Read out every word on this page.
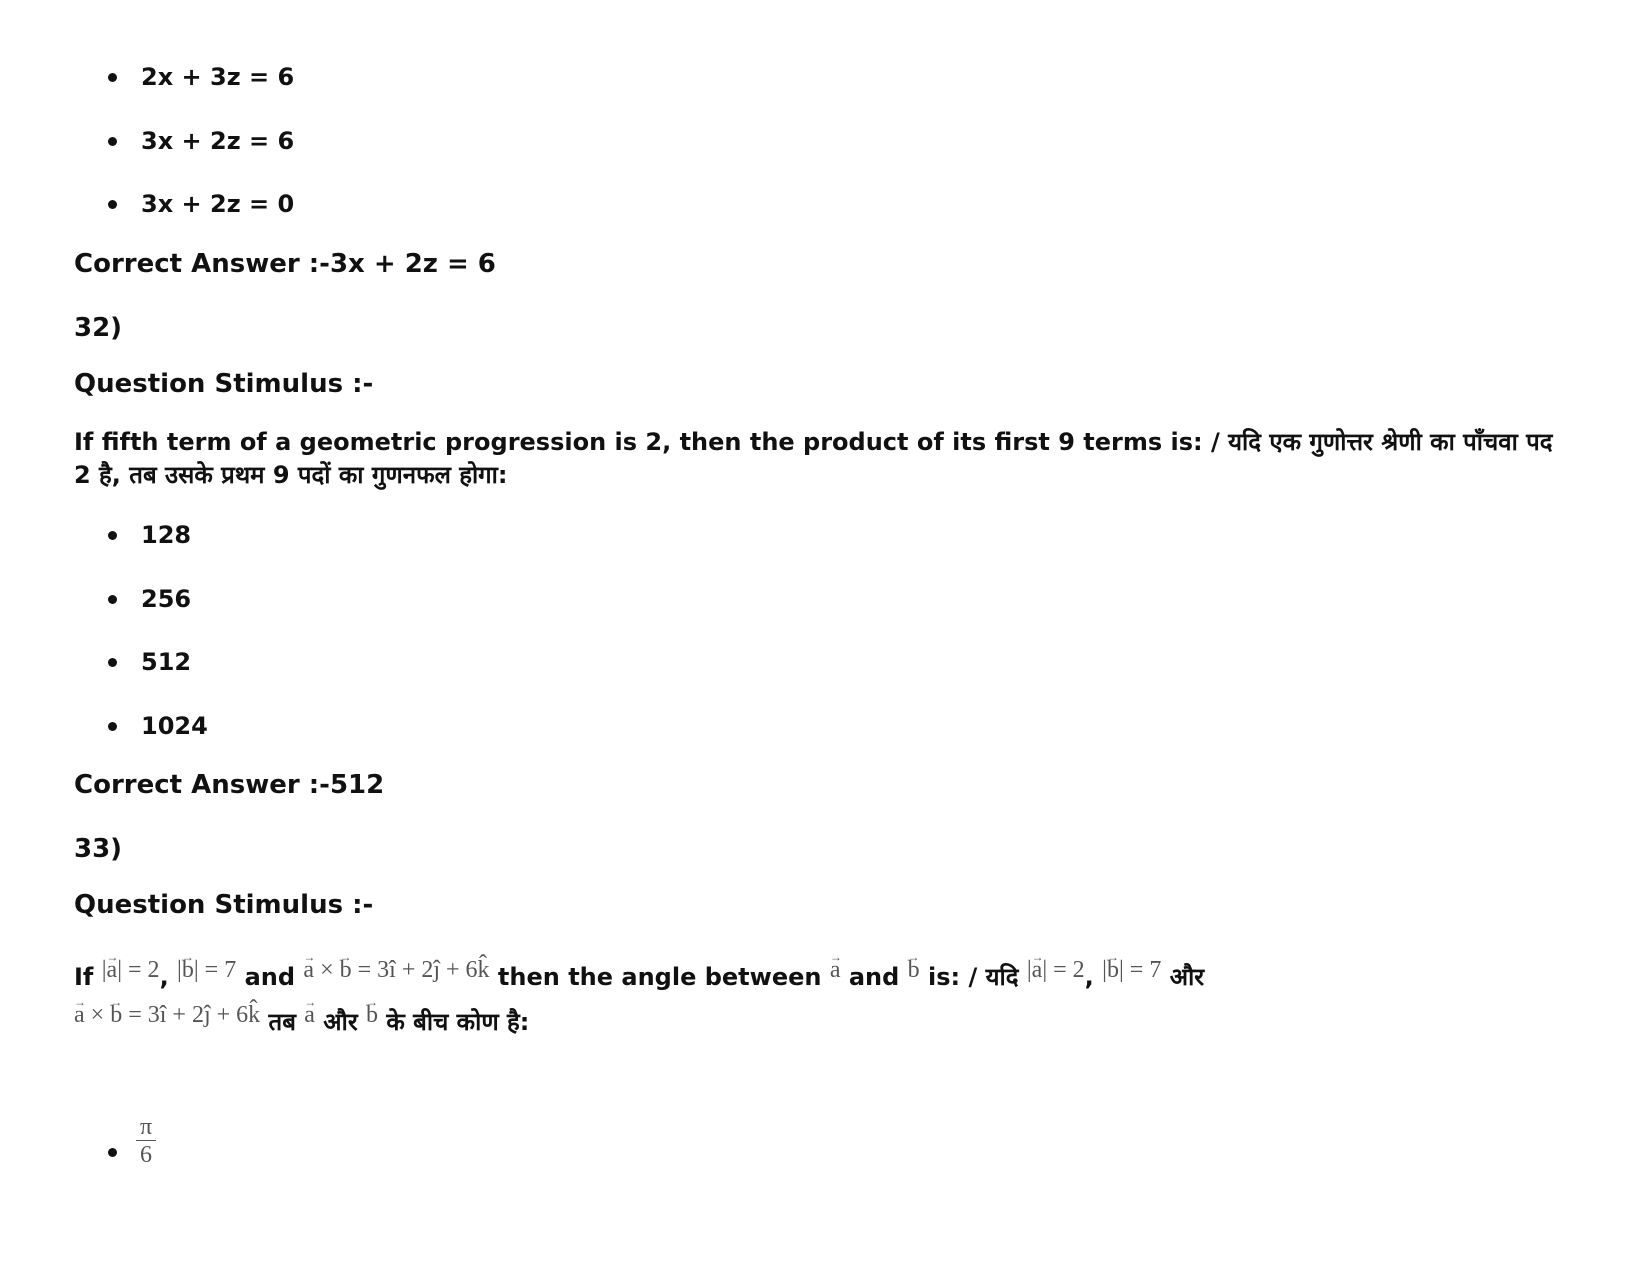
2x + 3z = 6
3x + 2z = 6
3x + 2z = 0
Correct Answer :-3x + 2z = 6
32)
Question Stimulus :-
If fifth term of a geometric progression is 2, then the product of its first 9 terms is: / यदि एक गुणोत्तर श्रेणी का पाँचवा पद 2 है, तब उसके प्रथम 9 पदों का गुणनफल होगा:
128
256
512
1024
Correct Answer :-512
33)
Question Stimulus :-
If |→ a| = 2, |→ b| = 7 and → a × → b = 3î + 2ĵ + 6k̂ then the angle between → a and → b is: / यदि |→ a| = 2, |→ b| = 7 और
→ a × → b = 3î + 2ĵ + 6k̂ तब → a और → b के बीच कोण है:
π
6
